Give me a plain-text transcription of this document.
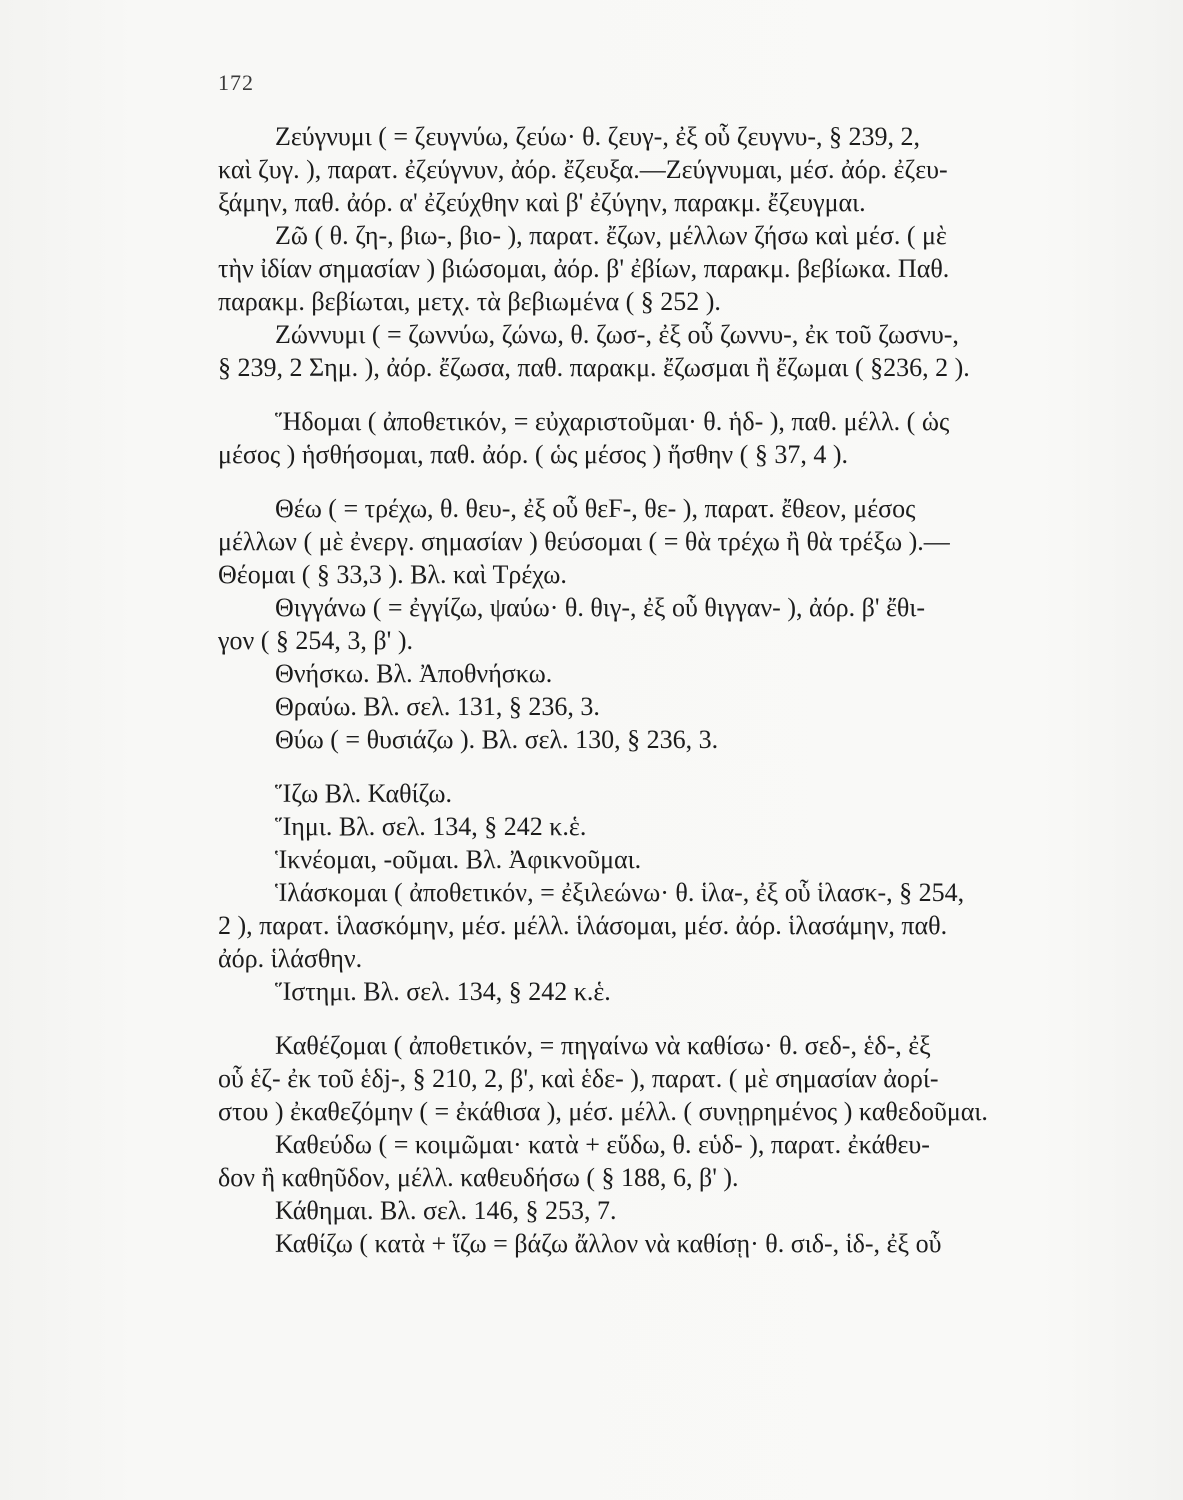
172
Ζεύγνυμι ( = ζευγνύω, ζεύω· θ. ζευγ-, ἐξ οὗ ζευγνυ-, § 239, 2,
καὶ ζυγ. ), παρατ. ἐζεύγνυν, ἀόρ. ἔζευξα.—Ζεύγνυμαι, μέσ. ἀόρ. ἐζευ-
ξάμην, παθ. ἀόρ. α' ἐζεύχθην καὶ β' ἐζύγην, παρακμ. ἔζευγμαι.
Ζῶ ( θ. ζη-, βιω-, βιο- ), παρατ. ἔζων, μέλλων ζήσω καὶ μέσ. ( μὲ
τὴν ἰδίαν σημασίαν ) βιώσομαι, ἀόρ. β' ἐβίων, παρακμ. βεβίωκα. Παθ.
παρακμ. βεβίωται, μετχ. τὰ βεβιωμένα ( § 252 ).
Ζώννυμι ( = ζωννύω, ζώνω, θ. ζωσ-, ἐξ οὗ ζωννυ-, ἐκ τοῦ ζωσνυ-,
§ 239, 2 Σημ. ), ἀόρ. ἔζωσα, παθ. παρακμ. ἔζωσμαι ἢ ἔζωμαι ( §236, 2 ).
Ἥδομαι ( ἀποθετικόν, = εὐχαριστοῦμαι· θ. ἡδ- ), παθ. μέλλ. ( ὡς
μέσος ) ἡσθήσομαι, παθ. ἀόρ. ( ὡς μέσος ) ἥσθην ( § 37, 4 ).
Θέω ( = τρέχω, θ. θευ-, ἐξ οὗ θεϜ-, θε- ), παρατ. ἔθεον, μέσος
μέλλων ( μὲ ἐνεργ. σημασίαν ) θεύσομαι ( = θὰ τρέχω ἢ θὰ τρέξω ).—
Θέομαι ( § 33,3 ). Βλ. καὶ Τρέχω.
Θιγγάνω ( = ἐγγίζω, ψαύω· θ. θιγ-, ἐξ οὗ θιγγαν- ), ἀόρ. β' ἔθι-
γον ( § 254, 3, β' ).
Θνήσκω. Βλ. Ἀποθνήσκω.
Θραύω. Βλ. σελ. 131, § 236, 3.
Θύω ( = θυσιάζω ). Βλ. σελ. 130, § 236, 3.
Ἵζω Βλ. Καθίζω.
Ἵημι. Βλ. σελ. 134, § 242 κ.ἑ.
Ἱκνέομαι, -οῦμαι. Βλ. Ἀφικνοῦμαι.
Ἱλάσκομαι ( ἀποθετικόν, = ἐξιλεώνω· θ. ἱλα-, ἐξ οὗ ἱλασκ-, § 254,
2 ), παρατ. ἱλασκόμην, μέσ. μέλλ. ἱλάσομαι, μέσ. ἀόρ. ἱλασάμην, παθ.
ἀόρ. ἱλάσθην.
Ἵστημι. Βλ. σελ. 134, § 242 κ.ἑ.
Καθέζομαι ( ἀποθετικόν, = πηγαίνω νὰ καθίσω· θ. σεδ-, ἑδ-, ἐξ
οὗ ἑζ- ἐκ τοῦ ἑδj-, § 210, 2, β', καὶ ἑδε- ), παρατ. ( μὲ σημασίαν ἀορί-
στου ) ἐκαθεζόμην ( = ἐκάθισα ), μέσ. μέλλ. ( συνῃρημένος ) καθεδοῦμαι.
Καθεύδω ( = κοιμῶμαι· κατὰ + εὕδω, θ. εὑδ- ), παρατ. ἐκάθευ-
δον ἢ καθηῦδον, μέλλ. καθευδήσω ( § 188, 6, β' ).
Κάθημαι. Βλ. σελ. 146, § 253, 7.
Καθίζω ( κατὰ + ἵζω = βάζω ἄλλον νὰ καθίσῃ· θ. σιδ-, ἱδ-, ἐξ οὗ
